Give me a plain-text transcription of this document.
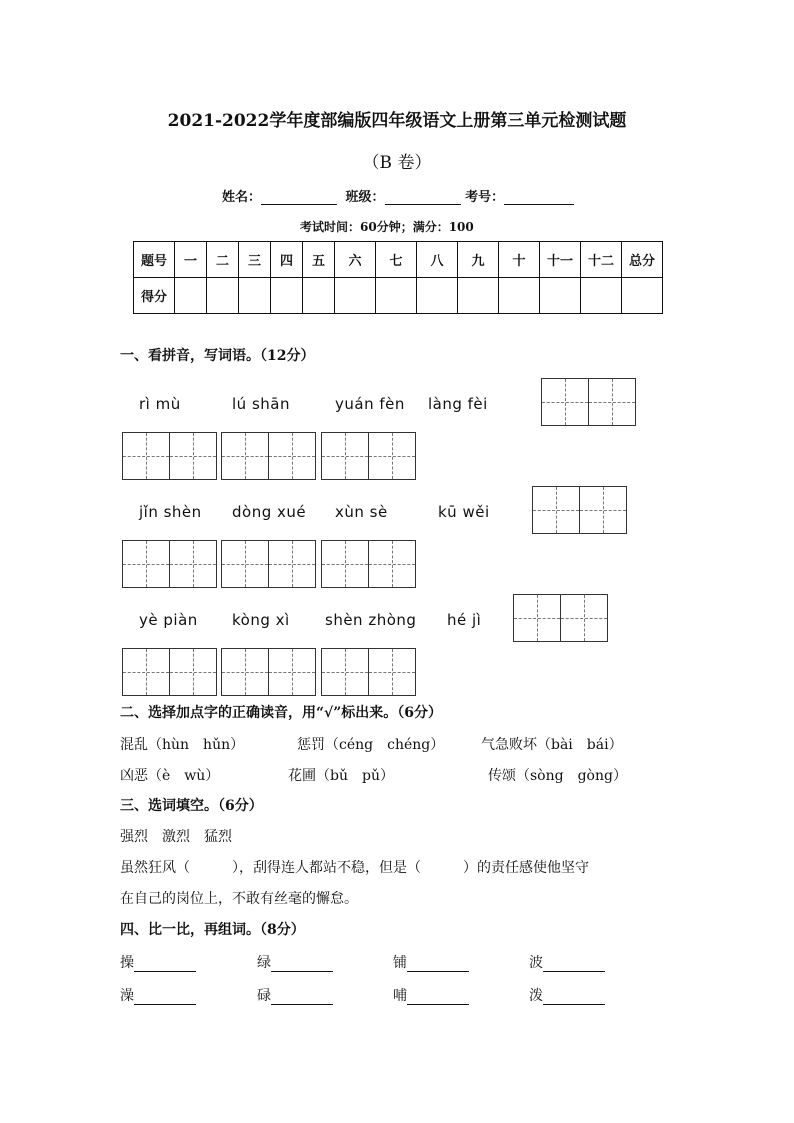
2021-2022学年度部编版四年级语文上册第三单元检测试题
（B 卷）
姓名：	班级：	考号：
考试时间：60分钟；满分：100
题号	一	二	三	四	五	六	七	八	九	十	十一	十二	总分
得分													
一、看拼音，写词语。（12分）
rì mù	lú shān	yuán fèn làng fèi
jǐn shèn dòng xué xùn sè	kū wěi
yè piàn kòng xì shèn zhòng hé jì
二、选择加点字的正确读音，用“√”标出来。（6分）
混乱（hùn　hǔn）	惩罚（céng　chéng）	气急败坏（bài　bái）
凶恶（è　wù）	花圃（bǔ　pǔ）	传颂（sòng　gòng）
三、选词填空。（6分）
强烈　激烈　猛烈
虽然狂风（　　　），刮得连人都站不稳，但是（　　　）的责任感使他坚守
在自己的岗位上，不敢有丝毫的懈怠。
四、比一比，再组词。（8分）
操	绿	铺	波
澡	碌	哺	泼
